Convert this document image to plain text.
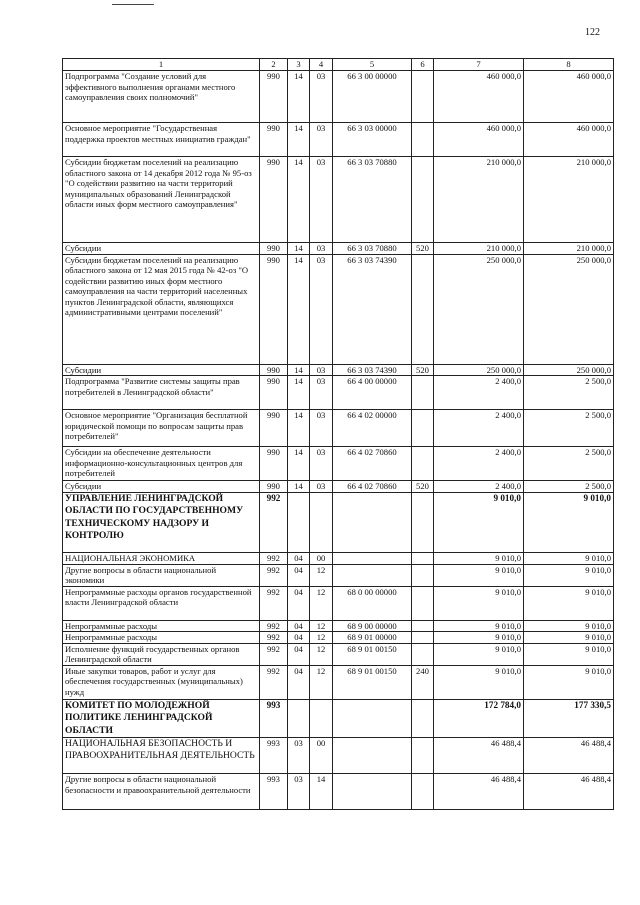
122
1	2	3	4	5	6	7	8
Подпрограмма "Создание условий для эффективного выполнения органами местного самоуправления своих полномочий"	990	14	03	66 3 00 00000		460 000,0	460 000,0
Основное мероприятие "Государственная поддержка проектов местных инициатив граждан"	990	14	03	66 3 03 00000		460 000,0	460 000,0
Субсидии бюджетам поселений на реализацию областного закона от 14 декабря 2012 года № 95-оз "О содействии развитию на части территорий муниципальных образований Ленинградской области иных форм местного самоуправления"	990	14	03	66 3 03 70880		210 000,0	210 000,0
Субсидии	990	14	03	66 3 03 70880	520	210 000,0	210 000,0
Субсидии бюджетам поселений на реализацию областного закона от 12 мая 2015 года № 42-оз "О содействии развитию иных форм местного самоуправления на части территорий населенных пунктов Ленинградской области, являющихся административными центрами поселений"	990	14	03	66 3 03 74390		250 000,0	250 000,0
Субсидии	990	14	03	66 3 03 74390	520	250 000,0	250 000,0
Подпрограмма "Развитие системы защиты прав потребителей в Ленинградской области"	990	14	03	66 4 00 00000		2 400,0	2 500,0
Основное мероприятие "Организация бесплатной юридической помощи по вопросам защиты прав потребителей"	990	14	03	66 4 02 00000		2 400,0	2 500,0
Субсидии на обеспечение деятельности информационно-консультационных центров для потребителей	990	14	03	66 4 02 70860		2 400,0	2 500,0
Субсидии	990	14	03	66 4 02 70860	520	2 400,0	2 500,0
УПРАВЛЕНИЕ ЛЕНИНГРАДСКОЙ ОБЛАСТИ ПО ГОСУДАРСТВЕННОМУ ТЕХНИЧЕСКОМУ НАДЗОРУ И КОНТРОЛЮ	992					9 010,0	9 010,0
НАЦИОНАЛЬНАЯ ЭКОНОМИКА	992	04	00			9 010,0	9 010,0
Другие вопросы в области национальной экономики	992	04	12			9 010,0	9 010,0
Непрограммные расходы органов государственной власти Ленинградской области	992	04	12	68 0 00 00000		9 010,0	9 010,0
Непрограммные расходы	992	04	12	68 9 00 00000		9 010,0	9 010,0
Непрограммные расходы	992	04	12	68 9 01 00000		9 010,0	9 010,0
Исполнение функций государственных органов Ленинградской области	992	04	12	68 9 01 00150		9 010,0	9 010,0
Иные закупки товаров, работ и услуг для обеспечения государственных (муниципальных) нужд	992	04	12	68 9 01 00150	240	9 010,0	9 010,0
КОМИТЕТ ПО МОЛОДЕЖНОЙ ПОЛИТИКЕ ЛЕНИНГРАДСКОЙ ОБЛАСТИ	993					172 784,0	177 330,5
НАЦИОНАЛЬНАЯ БЕЗОПАСНОСТЬ И ПРАВООХРАНИТЕЛЬНАЯ ДЕЯТЕЛЬНОСТЬ	993	03	00			46 488,4	46 488,4
Другие вопросы в области национальной безопасности и правоохранительной деятельности	993	03	14			46 488,4	46 488,4
